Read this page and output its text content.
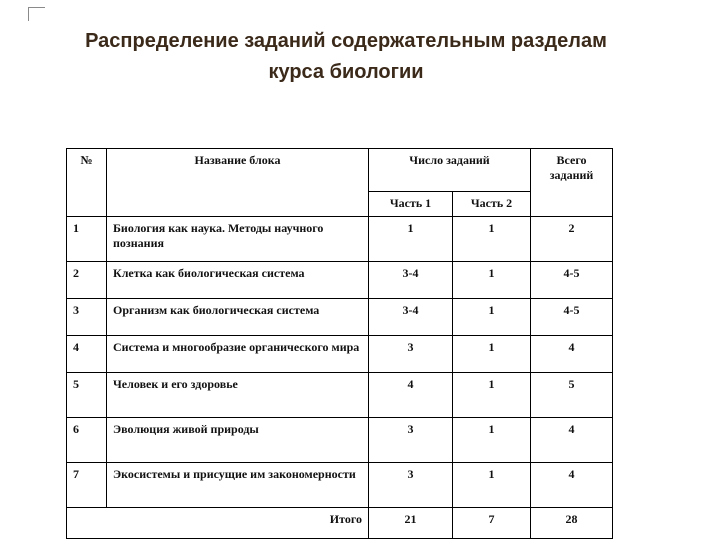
Распределение заданий содержательным разделам
курса биологии
№	Название блока	Число заданий		Всего заданий
		Часть 1	Часть 2	
1	Биология как наука. Методы научного познания	1	1	2
2	Клетка как биологическая система	3-4	1	4-5
3	Организм как биологическая система	3-4	1	4-5
4	Система и многообразие органического мира	3	1	4
5	Человек и его здоровье	4	1	5
6	Эволюция живой природы	3	1	4
7	Экосистемы и присущие им закономерности	3	1	4
Итого		21	7	28
